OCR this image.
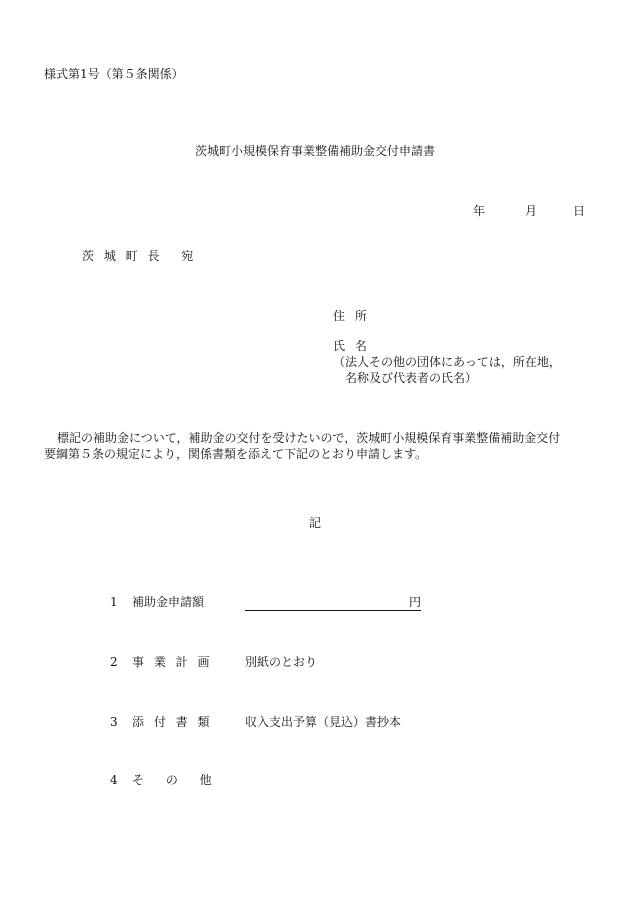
様式第1号（第５条関係）
茨城町小規模保育事業整備補助金交付申請書
年	月	日
茨 城 町 長　 宛
住 所
氏 名
（法人その他の団体にあっては，所在地，
名称及び代表者の氏名）
標記の補助金について，補助金の交付を受けたいので，茨城町小規模保育事業整備補助金交付
要綱第５条の規定により，関係書類を添えて下記のとおり申請します。
記
1 補助金申請額	円
2 事 業 計 画	別紙のとおり
3 添 付 書 類	収入支出予算（見込）書抄本
4 そ　 の　 他
